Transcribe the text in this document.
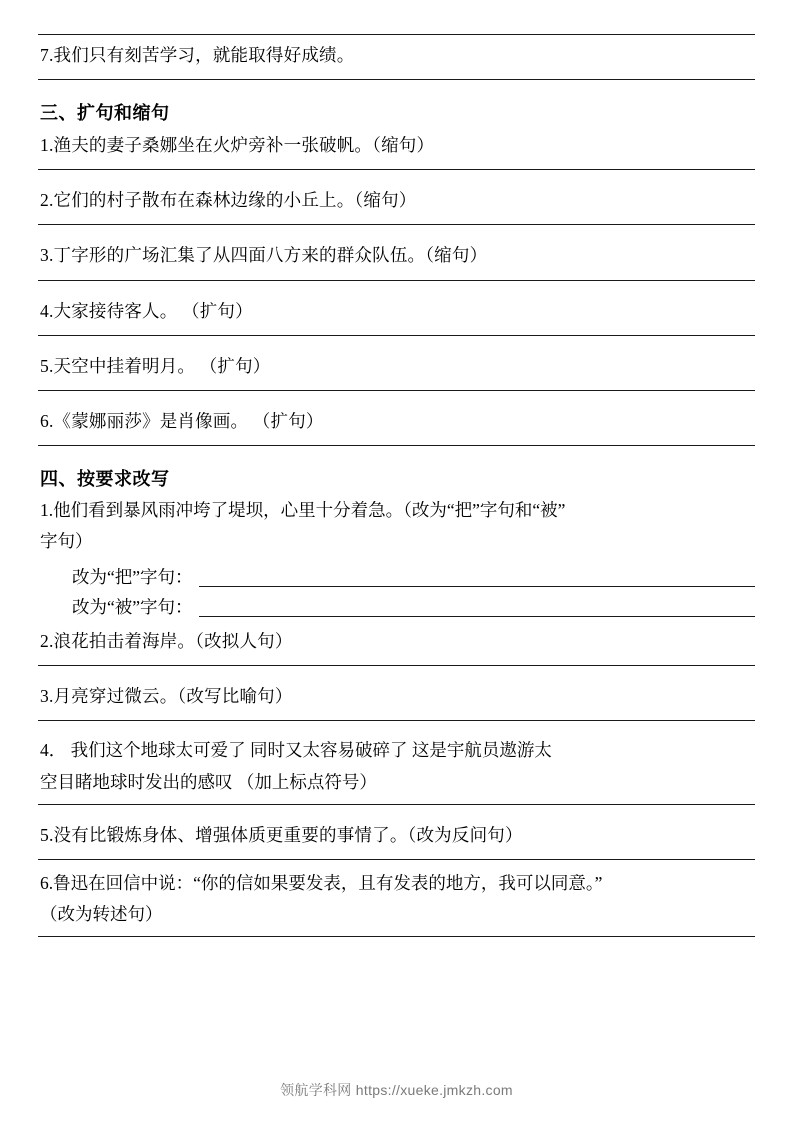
7.我们只有刻苦学习，就能取得好成绩。

三、扩句和缩句

1.渔夫的妻子桑娜坐在火炉旁补一张破帆。（缩句）

2.它们的村子散布在森林边缘的小丘上。（缩句）

3.丁字形的广场汇集了从四面八方来的群众队伍。（缩句）

4.大家接待客人。 （扩句）

5.天空中挂着明月。 （扩句）

6.《蒙娜丽莎》是肖像画。 （扩句）

四、按要求改写

1.他们看到暴风雨冲垮了堤坝，心里十分着急。（改为“把”字句和“被”

字句）

改为“把”字句：
改为“被”字句：

2.浪花拍击着海岸。（改拟人句）

3.月亮穿过微云。（改写比喻句）

4． 我们这个地球太可爱了 同时又太容易破碎了 这是宇航员遨游太

空目睹地球时发出的感叹 （加上标点符号）

5.没有比锻炼身体、增强体质更重要的事情了。（改为反问句）

6.鲁迅在回信中说：“你的信如果要发表，且有发表的地方，我可以同意。”

（改为转述句）

领航学科网 https://xueke.jmkzh.com
